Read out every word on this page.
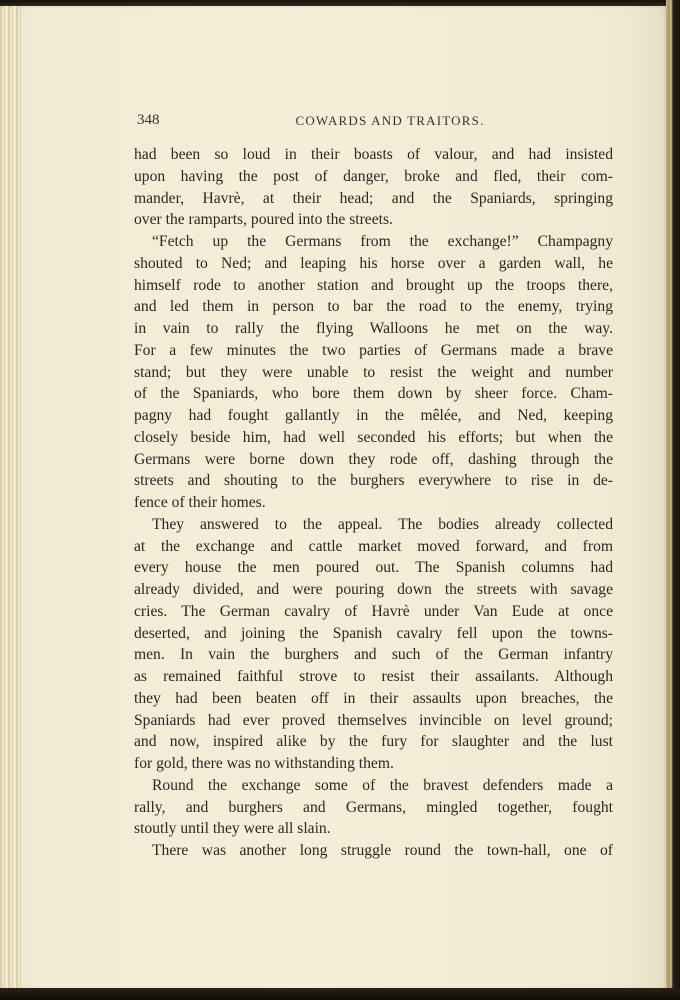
348	COWARDS AND TRAITORS.
had been so loud in their boasts of valour, and had insisted
upon having the post of danger, broke and fled, their com-
mander, Havrè, at their head; and the Spaniards, springing
over the ramparts, poured into the streets.
“Fetch up the Germans from the exchange!” Champagny
shouted to Ned; and leaping his horse over a garden wall, he
himself rode to another station and brought up the troops there,
and led them in person to bar the road to the enemy, trying
in vain to rally the flying Walloons he met on the way.
For a few minutes the two parties of Germans made a brave
stand; but they were unable to resist the weight and number
of the Spaniards, who bore them down by sheer force. Cham-
pagny had fought gallantly in the mêlée, and Ned, keeping
closely beside him, had well seconded his efforts; but when the
Germans were borne down they rode off, dashing through the
streets and shouting to the burghers everywhere to rise in de-
fence of their homes.
They answered to the appeal. The bodies already collected
at the exchange and cattle market moved forward, and from
every house the men poured out. The Spanish columns had
already divided, and were pouring down the streets with savage
cries. The German cavalry of Havrè under Van Eude at once
deserted, and joining the Spanish cavalry fell upon the towns-
men. In vain the burghers and such of the German infantry
as remained faithful strove to resist their assailants. Although
they had been beaten off in their assaults upon breaches, the
Spaniards had ever proved themselves invincible on level ground;
and now, inspired alike by the fury for slaughter and the lust
for gold, there was no withstanding them.
Round the exchange some of the bravest defenders made a
rally, and burghers and Germans, mingled together, fought
stoutly until they were all slain.
There was another long struggle round the town-hall, one of
